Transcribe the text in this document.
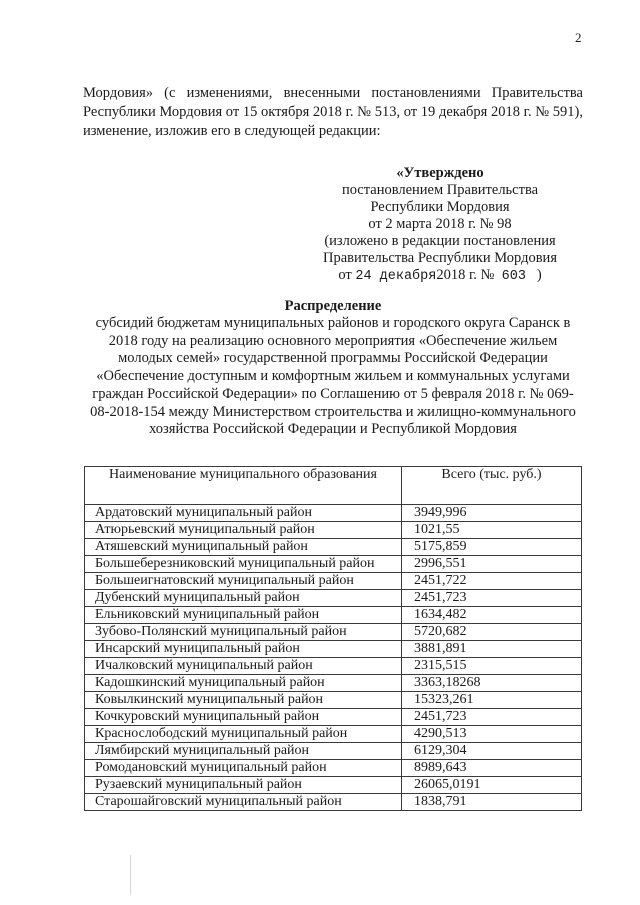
2

Мордовия» (с изменениями, внесенными постановлениями Правительства Республики Мордовия от 15 октября 2018 г. № 513, от 19 декабря 2018 г. № 591), изменение, изложив его в следующей редакции:

«Утверждено
постановлением Правительства
Республики Мордовия
от 2 марта 2018 г. № 98
(изложено в редакции постановления
Правительства Республики Мордовия
от 24 декабря2018 г. № 603 )
Распределение
субсидий бюджетам муниципальных районов и городского округа Саранск в 2018 году на реализацию основного мероприятия «Обеспечение жильем молодых семей» государственной программы Российской Федерации «Обеспечение доступным и комфортным жильем и коммунальных услугами граждан Российской Федерации» по Соглашению от 5 февраля 2018 г. № 069-08-2018-154 между Министерством строительства и жилищно-коммунального хозяйства Российской Федерации и Республикой Мордовия
Наименование муниципального образования	Всего (тыс. руб.)
Ардатовский муниципальный район	3949,996
Атюрьевский муниципальный район	1021,55
Атяшевский муниципальный район	5175,859
Большеберезниковский муниципальный район	2996,551
Большеигнатовский муниципальный район	2451,722
Дубенский муниципальный район	2451,723
Ельниковский муниципальный район	1634,482
Зубово-Полянский муниципальный район	5720,682
Инсарский муниципальный район	3881,891
Ичалковский муниципальный район	2315,515
Кадошкинский муниципальный район	3363,18268
Ковылкинский муниципальный район	15323,261
Кочкуровский муниципальный район	2451,723
Краснослободский муниципальный район	4290,513
Лямбирский муниципальный район	6129,304
Ромодановский муниципальный район	8989,643
Рузаевский муниципальный район	26065,0191
Старошайговский муниципальный район	1838,791
